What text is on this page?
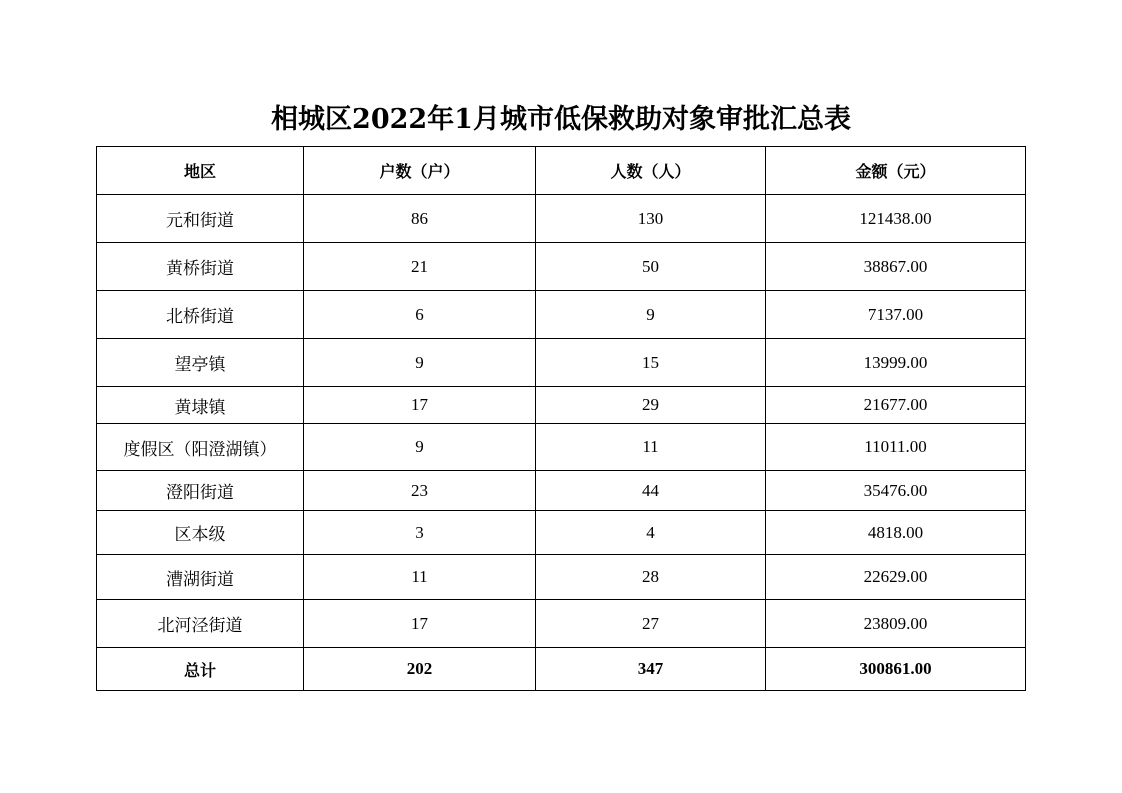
相城区2022年1月城市低保救助对象审批汇总表
地区	户数（户）	人数（人）	金额（元）
元和街道	86	130	121438.00
黄桥街道	21	50	38867.00
北桥街道	6	9	7137.00
望亭镇	9	15	13999.00
黄埭镇	17	29	21677.00
度假区（阳澄湖镇）	9	11	11011.00
澄阳街道	23	44	35476.00
区本级	3	4	4818.00
漕湖街道	11	28	22629.00
北河泾街道	17	27	23809.00
总计	202	347	300861.00
